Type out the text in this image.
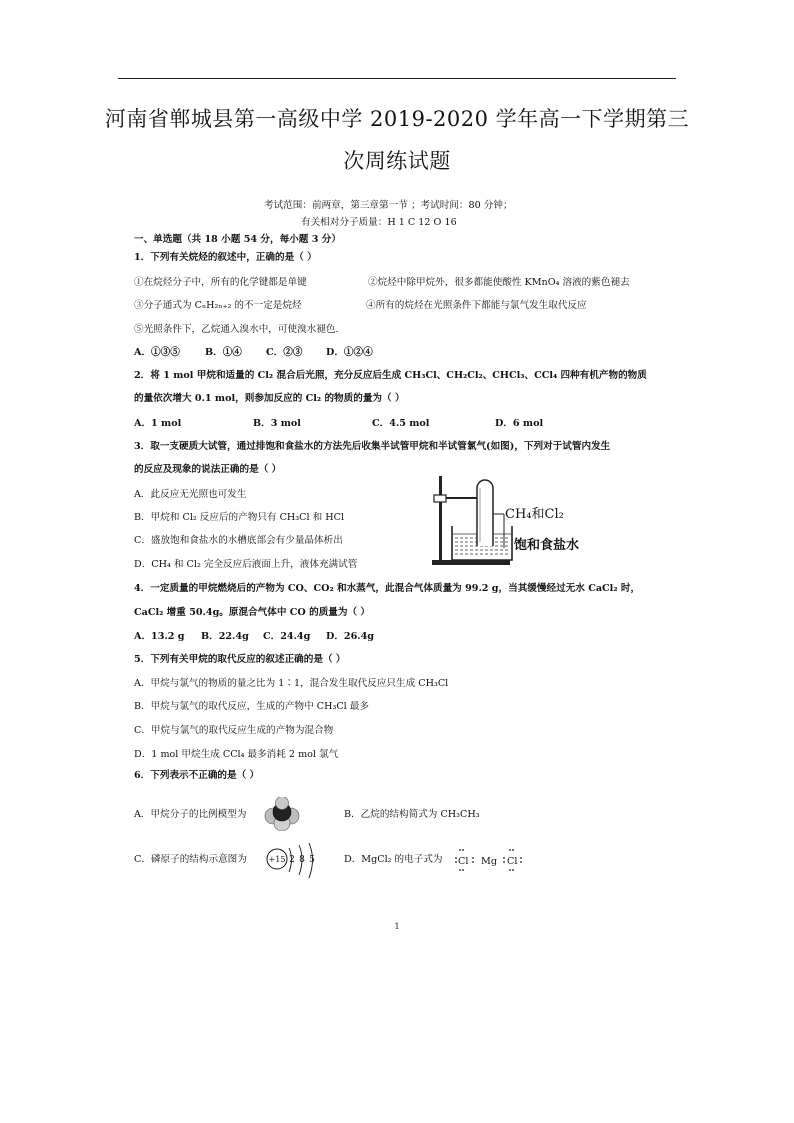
河南省郸城县第一高级中学 2019-2020 学年高一下学期第三
次周练试题
考试范围：前两章，第三章第一节 ；考试时间：80 分钟；
有关相对分子质量：H 1 C 12 O 16
一、单选题（共 18 小题 54 分，每小题 3 分）
1．下列有关烷烃的叙述中，正确的是（ ）
①在烷烃分子中，所有的化学键都是单键	②烷烃中除甲烷外，很多都能使酸性 KMnO₄ 溶液的紫色褪去
③分子通式为 CₙH₂ₙ₊₂ 的不一定是烷烃	④所有的烷烃在光照条件下都能与氯气发生取代反应
⑤光照条件下，乙烷通入溴水中，可使溴水褪色.
A．①③⑤	B．①④	C．②③ D．①②④
2．将 1 mol 甲烷和适量的 Cl₂ 混合后光照，充分反应后生成 CH₃Cl、CH₂Cl₂、CHCl₃、CCl₄ 四种有机产物的物质
的量依次增大 0.1 mol，则参加反应的 Cl₂ 的物质的量为（ ）
A．1 mol	B．3 mol	C．4.5 mol	D．6 mol
3．取一支硬质大试管，通过排饱和食盐水的方法先后收集半试管甲烷和半试管氯气(如图)，下列对于试管内发生
的反应及现象的说法正确的是（ ）
A．此反应无光照也可发生
B．甲烷和 Cl₂ 反应后的产物只有 CH₃Cl 和 HCl
C．盛放饱和食盐水的水槽底部会有少量晶体析出
D．CH₄ 和 Cl₂ 完全反应后液面上升，液体充满试管
CH₄和Cl₂
饱和食盐水
4．一定质量的甲烷燃烧后的产物为 CO、CO₂ 和水蒸气，此混合气体质量为 99.2 g，当其缓慢经过无水 CaCl₂ 时，
CaCl₂ 增重 50.4g。原混合气体中 CO 的质量为（ ）
A．13.2 g B．22.4g C．24.4g D．26.4g
5．下列有关甲烷的取代反应的叙述正确的是（ ）
A．甲烷与氯气的物质的量之比为 1∶1，混合发生取代反应只生成 CH₃Cl
B．甲烷与氯气的取代反应，生成的产物中 CH₃Cl 最多
C．甲烷与氯气的取代反应生成的产物为混合物
D．1 mol 甲烷生成 CCl₄ 最多消耗 2 mol 氯气
6．下列表示不正确的是（ ）
A．甲烷分子的比例模型为	B．乙烷的结构简式为 CH₃CH₃
C．磷原子的结构示意图为	+15 2 8 5	D．MgCl₂ 的电子式为 Cl Mg Cl
1
